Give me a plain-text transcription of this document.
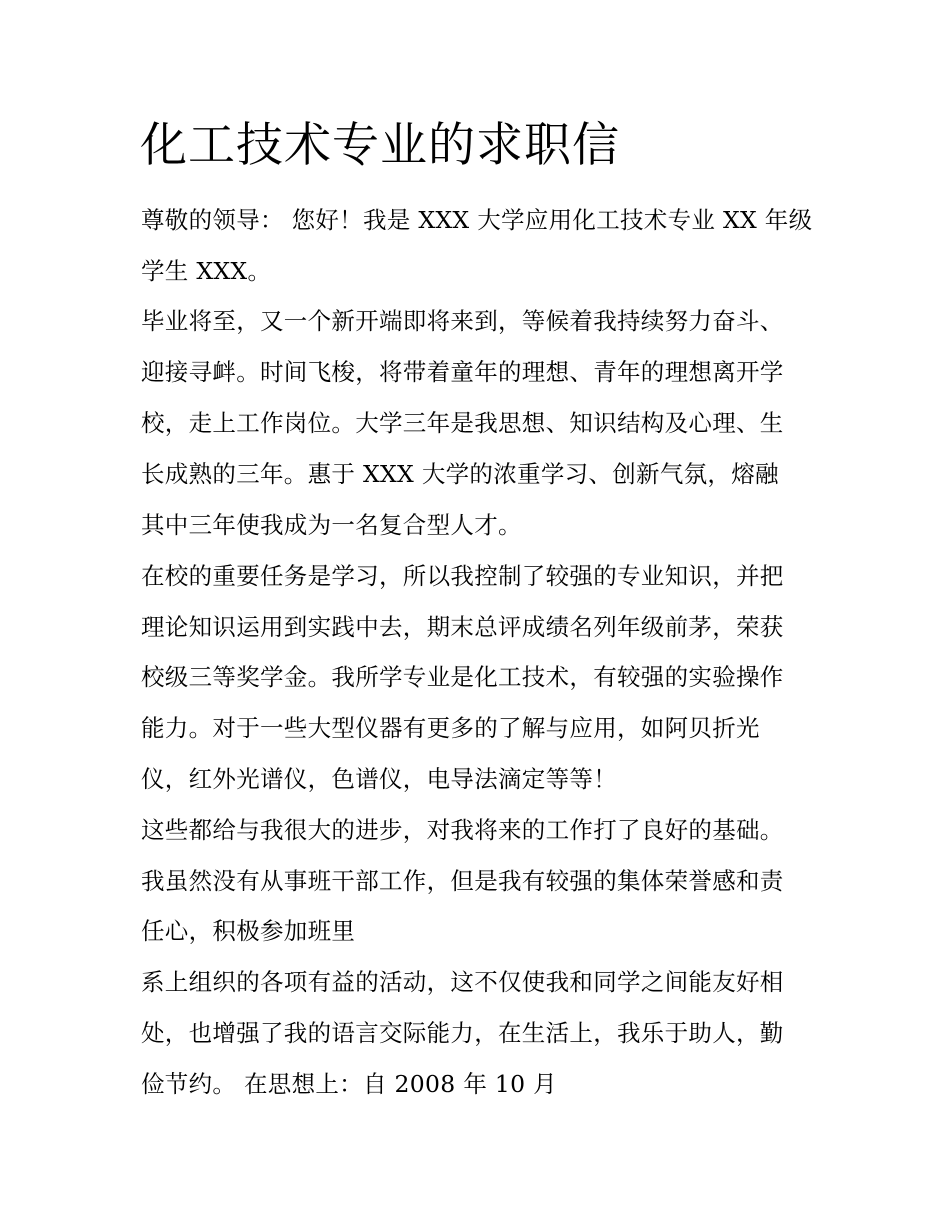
化工技术专业的求职信
尊敬的领导： 您好！我是 XXX 大学应用化工技术专业 XX 年级
学生 XXX。
毕业将至，又一个新开端即将来到，等候着我持续努力奋斗、
迎接寻衅。时间飞梭，将带着童年的理想、青年的理想离开学
校，走上工作岗位。大学三年是我思想、知识结构及心理、生
长成熟的三年。惠于 XXX 大学的浓重学习、创新气氛，熔融
其中三年使我成为一名复合型人才。
在校的重要任务是学习，所以我控制了较强的专业知识，并把
理论知识运用到实践中去，期末总评成绩名列年级前茅，荣获
校级三等奖学金。我所学专业是化工技术，有较强的实验操作
能力。对于一些大型仪器有更多的了解与应用，如阿贝折光
仪，红外光谱仪，色谱仪，电导法滴定等等！
这些都给与我很大的进步，对我将来的工作打了良好的基础。
我虽然没有从事班干部工作，但是我有较强的集体荣誉感和责
任心，积极参加班里
系上组织的各项有益的活动，这不仅使我和同学之间能友好相
处，也增强了我的语言交际能力，在生活上，我乐于助人，勤
俭节约。 在思想上：自 2008 年 10 月
